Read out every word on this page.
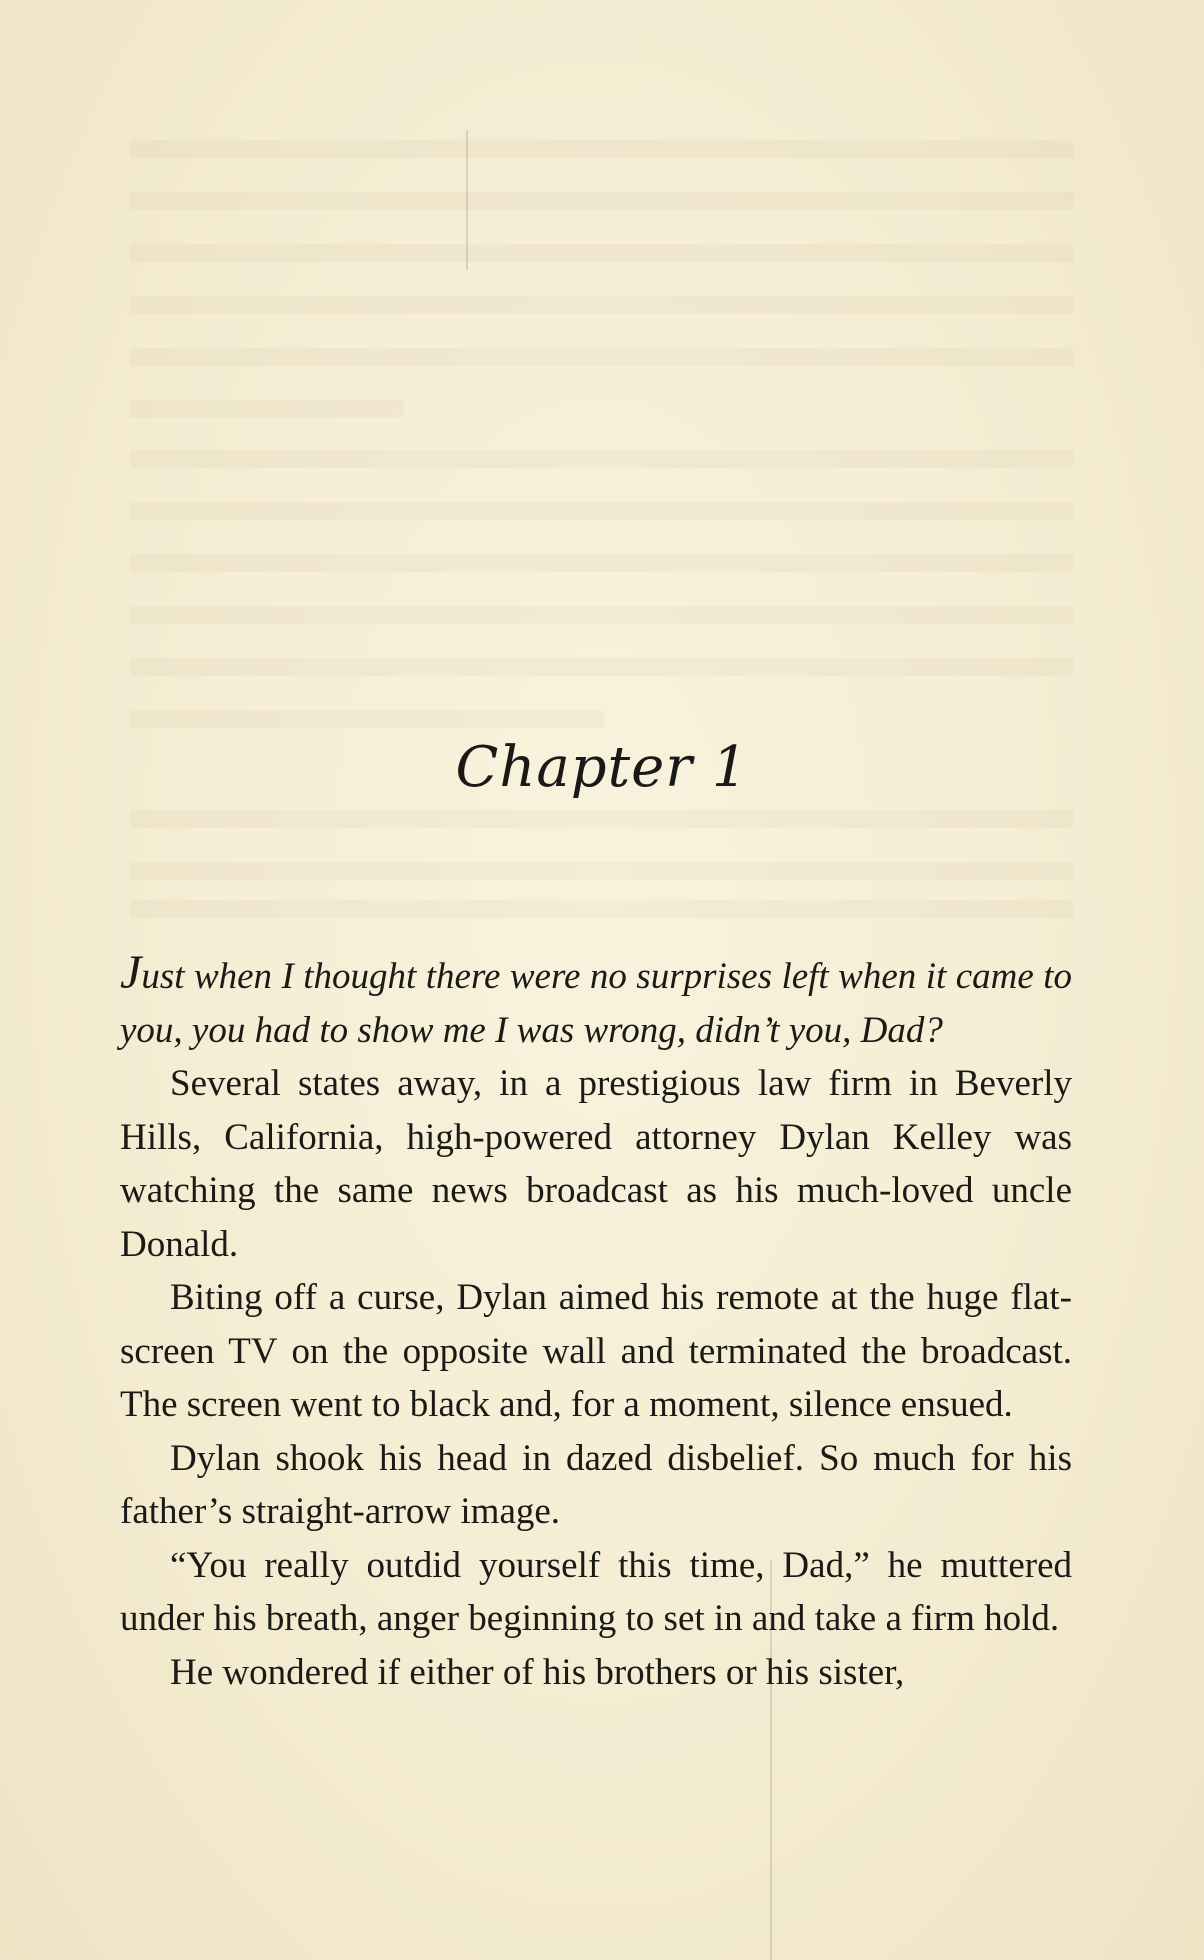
Chapter 1

Just when I thought there were no surprises left when it came to you, you had to show me I was wrong, didn’t you, Dad?

Several states away, in a prestigious law firm in Beverly Hills, California, high-powered attorney Dylan Kelley was watching the same news broadcast as his much-loved uncle Donald.

Biting off a curse, Dylan aimed his remote at the huge flat-screen TV on the opposite wall and terminated the broadcast. The screen went to black and, for a moment, silence ensued.

Dylan shook his head in dazed disbelief. So much for his father’s straight-arrow image.

“You really outdid yourself this time, Dad,” he muttered under his breath, anger beginning to set in and take a firm hold.

He wondered if either of his brothers or his sister,
